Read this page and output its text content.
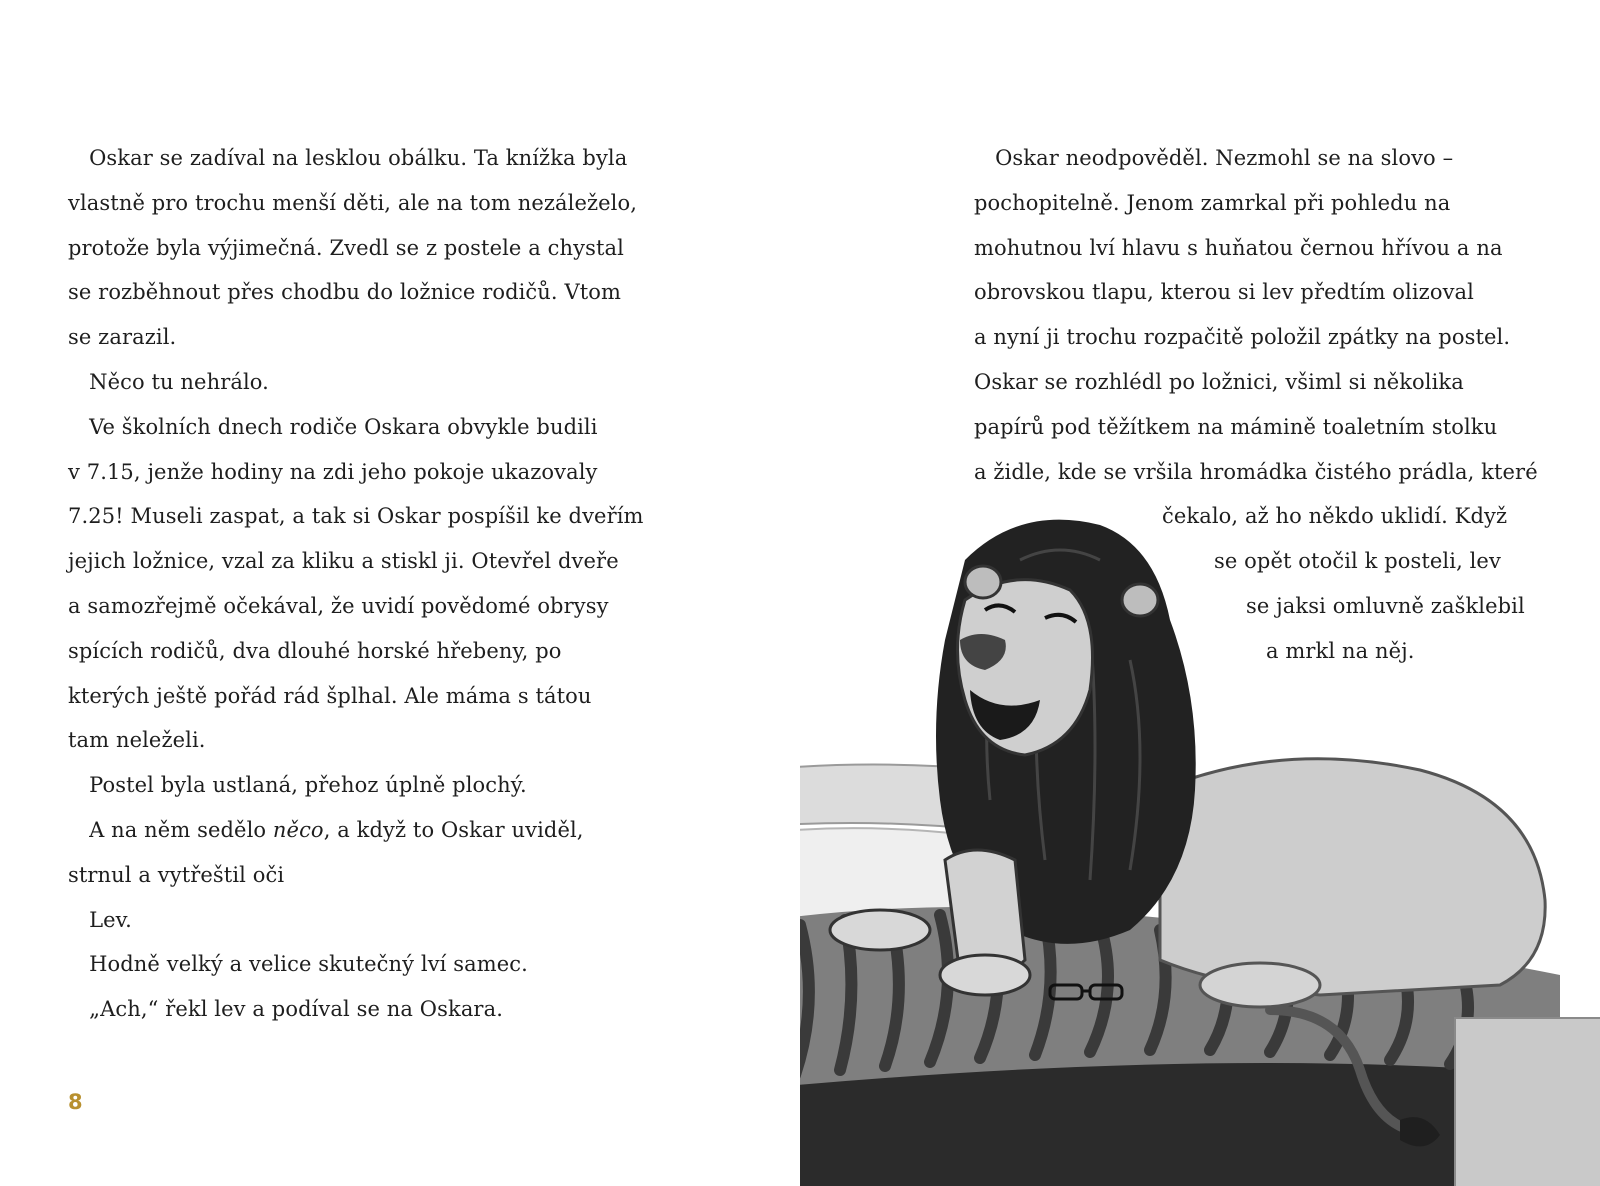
 Oskar se zadíval na lesklou obálku. Ta knížka byla
vlastně pro trochu menší děti, ale na tom nezáleželo,
protože byla výjimečná. Zvedl se z postele a chystal
se rozběhnout přes chodbu do ložnice rodičů. Vtom
se zarazil.
 Něco tu nehrálo.
 Ve školních dnech rodiče Oskara obvykle budili
v 7.15, jenže hodiny na zdi jeho pokoje ukazovaly
7.25! Museli zaspat, a tak si Oskar pospíšil ke dveřím
jejich ložnice, vzal za kliku a stiskl ji. Otevřel dveře
a samozřejmě očekával, že uvidí povědomé obrysy
spících rodičů, dva dlouhé horské hřebeny, po
kterých ještě pořád rád šplhal. Ale máma s tátou
tam neleželi.
 Postel byla ustlaná, přehoz úplně plochý.
 A na něm sedělo něco, a když to Oskar uviděl,
strnul a vytřeštil oči
 Lev.
 Hodně velký a velice skutečný lví samec.
 „Ach,“ řekl lev a podíval se na Oskara.
8
 Oskar neodpověděl. Nezmohl se na slovo –
pochopitelně. Jenom zamrkal při pohledu na
mohutnou lví hlavu s huňatou černou hřívou a na
obrovskou tlapu, kterou si lev předtím olizoval
a nyní ji trochu rozpačitě položil zpátky na postel.
Oskar se rozhlédl po ložnici, všiml si několika
papírů pod těžítkem na mámině toaletním stolku
a židle, kde se vršila hromádka čistého prádla, které
čekalo, až ho někdo uklidí. Když
se opět otočil k posteli, lev
se jaksi omluvně zašklebil
a mrkl na něj.
